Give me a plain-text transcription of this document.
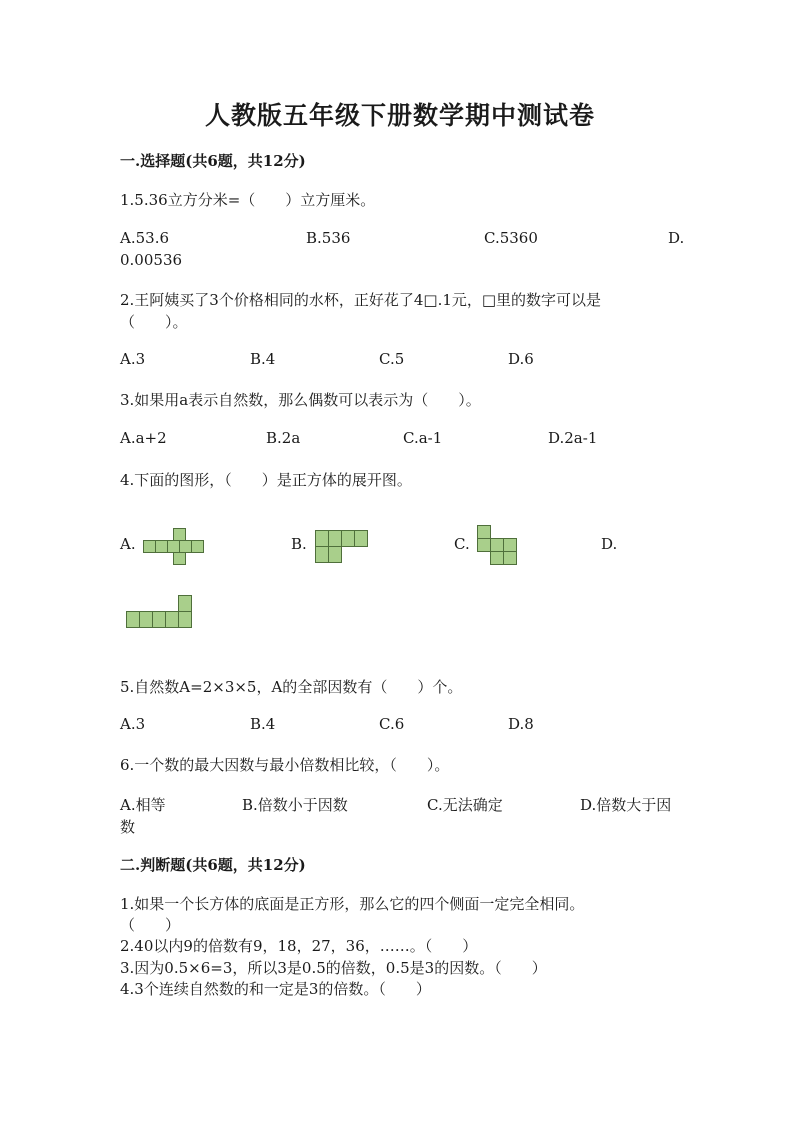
人教版五年级下册数学期中测试卷
一.选择题(共6题，共12分)
1.5.36立方分米=（　　）立方厘米。
A.53.6	B.536	C.5360	D.
0.00536
2.王阿姨买了3个价格相同的水杯，正好花了4□.1元，□里的数字可以是
（　　）。
A.3	B.4	C.5	D.6
3.如果用a表示自然数，那么偶数可以表示为（　　）。
A.a+2	B.2a	C.a-1	D.2a-1
4.下面的图形，（　　）是正方体的展开图。
A.	B.	C.	D.
5.自然数A=2×3×5，A的全部因数有（　　）个。
A.3	B.4	C.6	D.8
6.一个数的最大因数与最小倍数相比较，（　　）。
A.相等	B.倍数小于因数	C.无法确定	D.倍数大于因
数
二.判断题(共6题，共12分)
1.如果一个长方体的底面是正方形，那么它的四个侧面一定完全相同。
（　　）
2.40以内9的倍数有9，18，27，36，……。（　　）
3.因为0.5×6=3，所以3是0.5的倍数，0.5是3的因数。（　　）
4.3个连续自然数的和一定是3的倍数。（　　）
